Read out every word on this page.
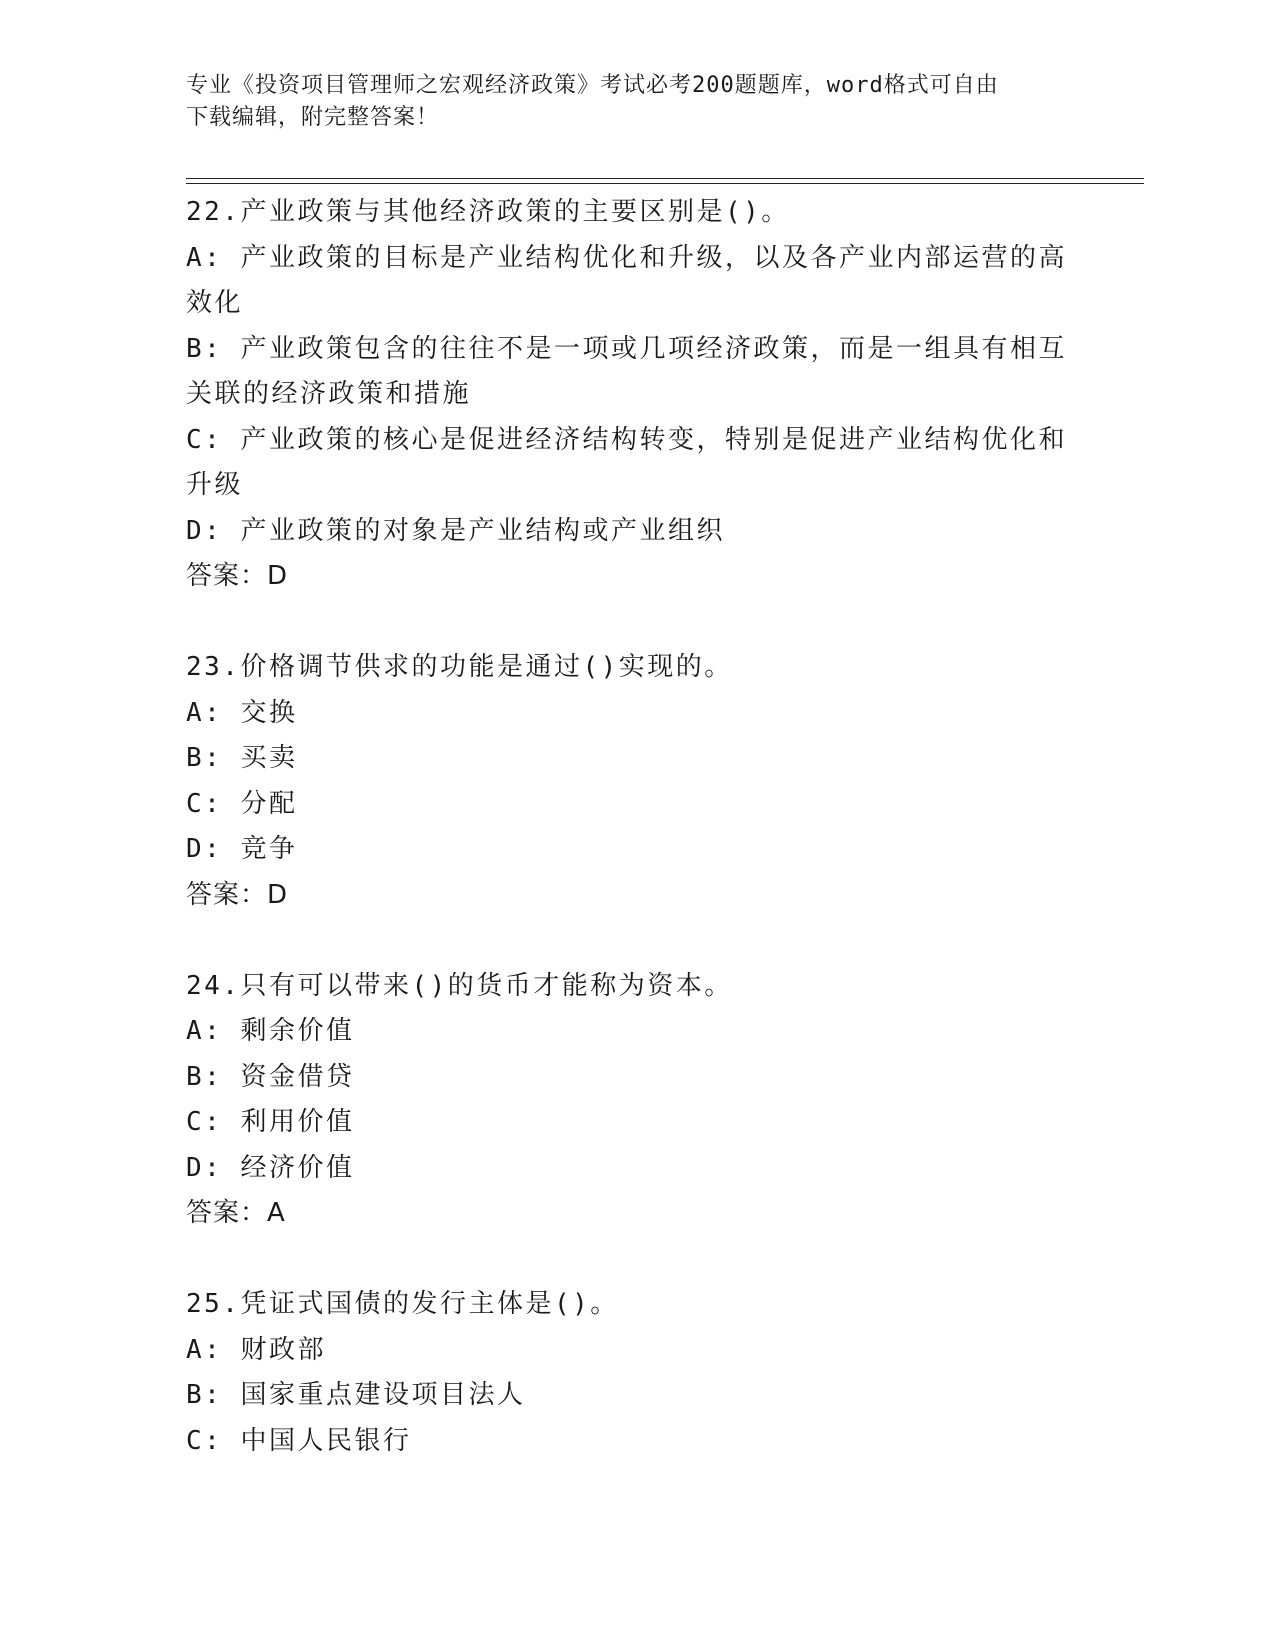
专业《投资项目管理师之宏观经济政策》考试必考200题题库，word格式可自由
下载编辑，附完整答案！
22.产业政策与其他经济政策的主要区别是()。
A: 产业政策的目标是产业结构优化和升级，以及各产业内部运营的高
效化
B: 产业政策包含的往往不是一项或几项经济政策，而是一组具有相互
关联的经济政策和措施
C: 产业政策的核心是促进经济结构转变，特别是促进产业结构优化和
升级
D: 产业政策的对象是产业结构或产业组织
答案：D
23.价格调节供求的功能是通过()实现的。
A: 交换
B: 买卖
C: 分配
D: 竞争
答案：D
24.只有可以带来()的货币才能称为资本。
A: 剩余价值
B: 资金借贷
C: 利用价值
D: 经济价值
答案：A
25.凭证式国债的发行主体是()。
A: 财政部
B: 国家重点建设项目法人
C: 中国人民银行
